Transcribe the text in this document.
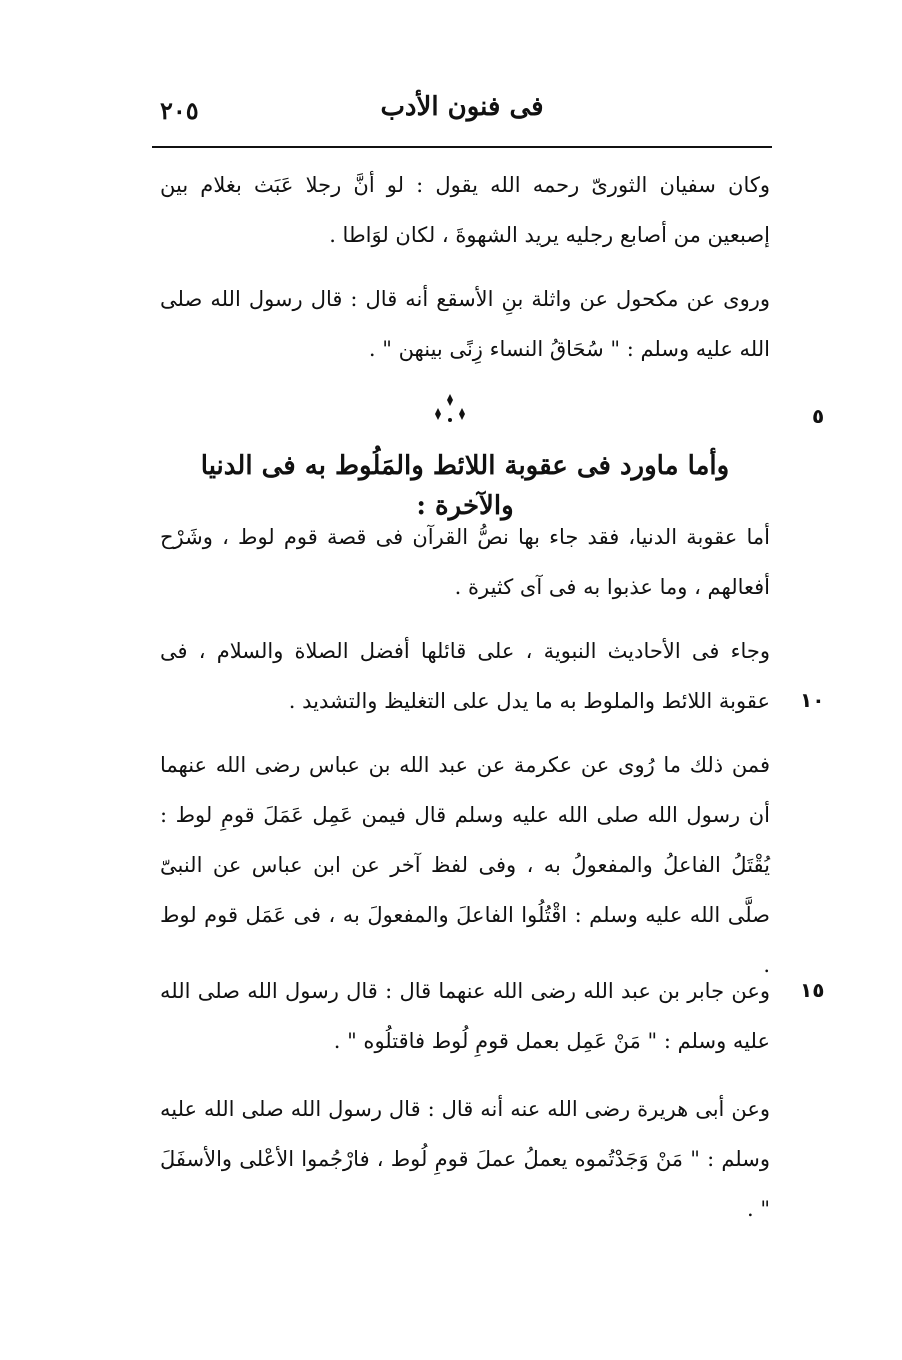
٢٠٥	فى فنون الأدب

وكان سفيان الثورىّ رحمه الله يقول : لو أنَّ رجلا عَبَث بغلام بين إصبعين من أصابع رجليه يريد الشهوةَ ، لكان لوَاطا .

وروى عن مكحول عن واثلة بنِ الأسقع أنه قال : قال رسول الله صلى الله عليه وسلم : " سُحَاقُ النساء زِنًى بينهن " .

٥
وأما ماورد فى عقوبة اللائط والمَلُوط به فى الدنيا والآخرة :

أما عقوبة الدنيا، فقد جاء بها نصُّ القرآن فى قصة قوم لوط ، وشَرْح أفعالهم ، وما عذبوا به فى آى كثيرة .

وجاء فى الأحاديث النبوية ، على قائلها أفضل الصلاة والسلام ، فى عقوبة اللائط والملوط به ما يدل على التغليظ والتشديد . ١٠

فمن ذلك ما رُوى عن عكرمة عن عبد الله بن عباس رضى الله عنهما أن رسول الله صلى الله عليه وسلم قال فيمن عَمِل عَمَلَ قومِ لوط : يُقْتَلُ الفاعلُ والمفعولُ به ، وفى لفظ آخر عن ابن عباس عن النبىّ صلَّى الله عليه وسلم : اقْتُلُوا الفاعلَ والمفعولَ به ، فى عَمَل قوم لوط .

١٥

وعن جابر بن عبد الله رضى الله عنهما قال : قال رسول الله صلى الله عليه وسلم : " مَنْ عَمِل بعمل قومِ لُوط فاقتلُوه " .

وعن أبى هريرة رضى الله عنه أنه قال : قال رسول الله صلى الله عليه وسلم : " مَنْ وَجَدْتُموه يعملُ عملَ قومِ لُوط ، فارْجُموا الأعْلى والأسفَلَ " .
